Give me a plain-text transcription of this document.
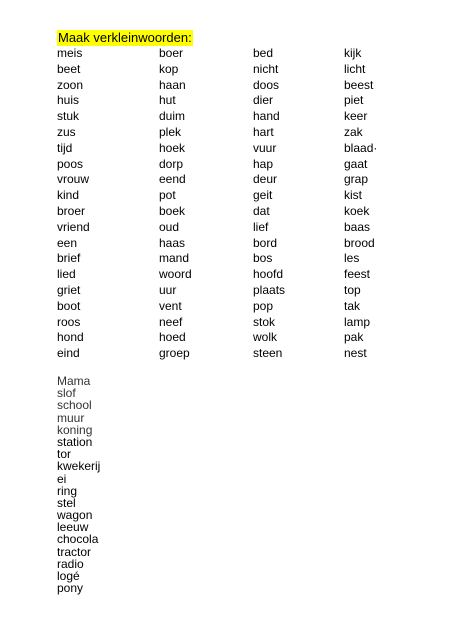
Maak verkleinwoorden:
meis	boer	bed	kijk
beet	kop	nicht	licht
zoon	haan	doos	beest
huis	hut	dier	piet
stuk	duim	hand	keer
zus	plek	hart	zak
tijd	hoek	vuur	blaad·
poos	dorp	hap	gaat
vrouw	eend	deur	grap
kind	pot	geit	kist
broer	boek	dat	koek
vriend	oud	lief	baas
een	haas	bord	brood
brief	mand	bos	les
lied	woord	hoofd	feest
griet	uur	plaats	top
boot	vent	pop	tak
roos	neef	stok	lamp
hond	hoed	wolk	pak
eind	groep	steen	nest
Mama
slof
school
muur
koning
station
tor
kwekerij
ei
ring
stel
wagon
leeuw
chocola
tractor
radio
logé
pony
